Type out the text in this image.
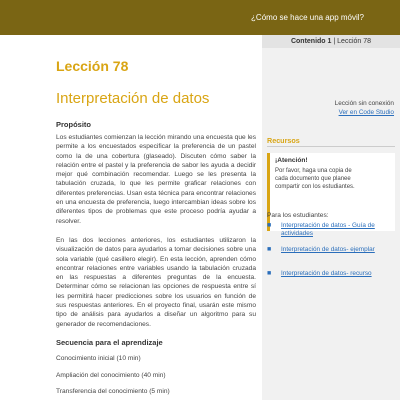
¿Cómo se hace una app móvil?
Contenido 1 | Lección 78
Lección 78
Interpretación de datos
Propósito

Los estudiantes comienzan la lección mirando una encuesta que les permite a los encuestados especificar la preferencia de un pastel como la de una cobertura (glaseado). Discuten cómo saber la relación entre el pastel y la preferencia de sabor les ayuda a decidir mejor qué combinación recomendar. Luego se les presenta la tabulación cruzada, lo que les permite graficar relaciones con diferentes preferencias. Usan esta técnica para encontrar relaciones en una encuesta de preferencia, luego intercambian ideas sobre los diferentes tipos de problemas que este proceso podría ayudar a resolver.

En las dos lecciones anteriores, los estudiantes utilizaron la visualización de datos para ayudarlos a tomar decisiones sobre una sola variable (qué casillero elegir). En esta lección, aprenden cómo encontrar relaciones entre variables usando la tabulación cruzada en las respuestas a diferentes preguntas de la encuesta. Determinar cómo se relacionan las opciones de respuesta entre sí les permitirá hacer predicciones sobre los usuarios en función de sus respuestas anteriores. En el proyecto final, usarán este mismo tipo de análisis para ayudarlos a diseñar un algoritmo para su generador de recomendaciones.

Secuencia para el aprendizaje
Conocimiento inicial (10 min)
Ampliación del conocimiento (40 min)
Transferencia del conocimiento (5 min)
Lección sin conexión
Ver en Code Studio
Recursos
¡Atención!
Por favor, haga una copia de cada documento que planee compartir con los estudiantes.
Para los estudiantes:
■ Interpretación de datos - Guía de actividades
■ Interpretación de datos- ejemplar
■ Interpretación de datos- recurso
